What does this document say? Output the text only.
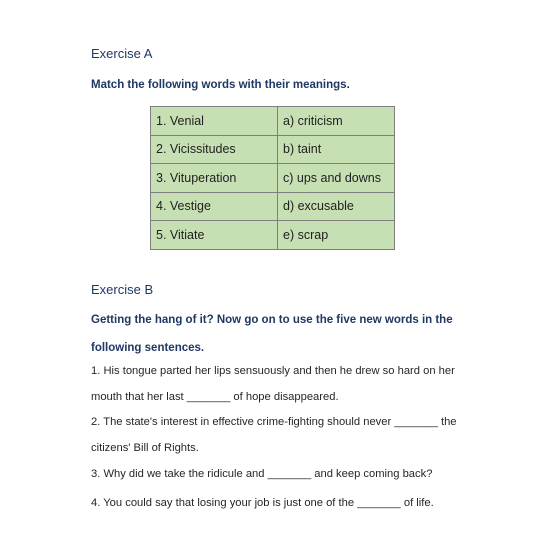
Exercise A
Match the following words with their meanings.
1. Venial	a) criticism
2. Vicissitudes	b) taint
3. Vituperation	c) ups and downs
4. Vestige	d) excusable
5. Vitiate	e) scrap
Exercise B
Getting the hang of it? Now go on to use the five new words in the following sentences.
1. His tongue parted her lips sensuously and then he drew so hard on her mouth that her last _______ of hope disappeared.
2. The state's interest in effective crime-fighting should never _______ the citizens' Bill of Rights.
3. Why did we take the ridicule and _______ and keep coming back?
4. You could say that losing your job is just one of the _______ of life.
